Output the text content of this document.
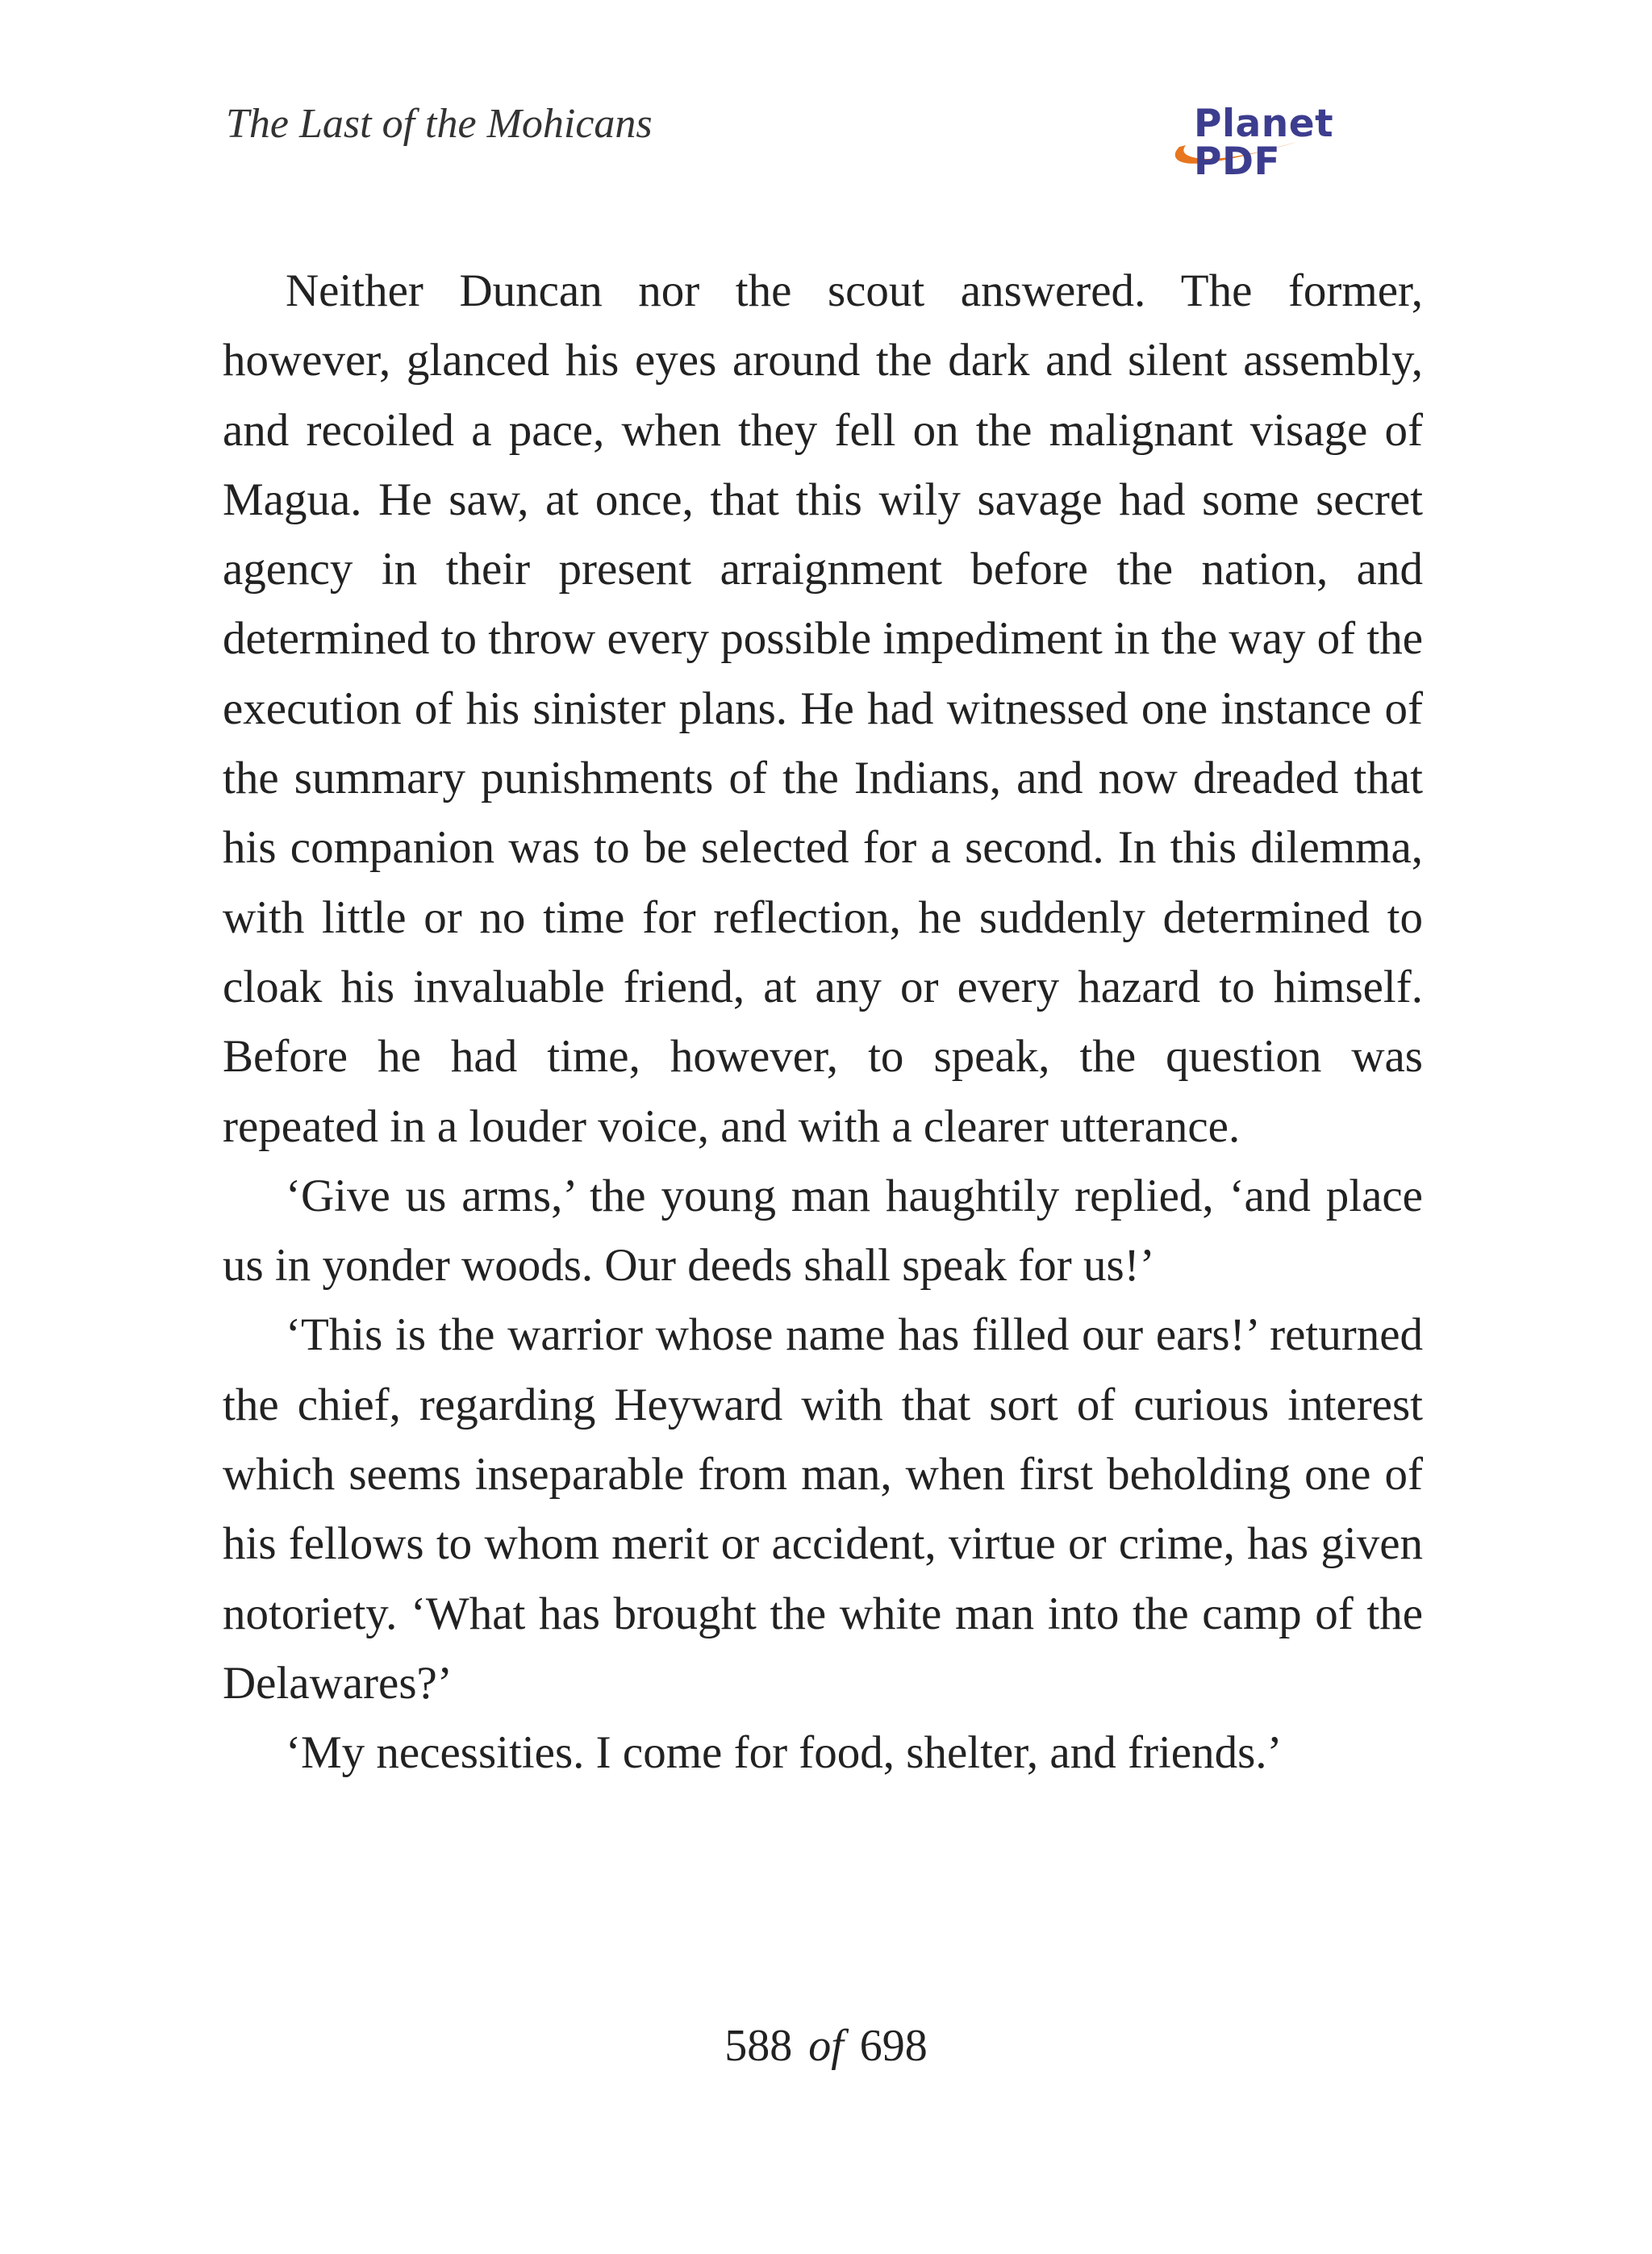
The Last of the Mohicans	Planet PDF

Neither Duncan nor the scout answered. The former, however, glanced his eyes around the dark and silent assembly, and recoiled a pace, when they fell on the malignant visage of Magua. He saw, at once, that this wily savage had some secret agency in their present arraignment before the nation, and determined to throw every possible impediment in the way of the execution of his sinister plans. He had witnessed one instance of the summary punishments of the Indians, and now dreaded that his companion was to be selected for a second. In this dilemma, with little or no time for reflection, he suddenly determined to cloak his invaluable friend, at any or every hazard to himself. Before he had time, however, to speak, the question was repeated in a louder voice, and with a clearer utterance.

‘Give us arms,’ the young man haughtily replied, ‘and place us in yonder woods. Our deeds shall speak for us!’

‘This is the warrior whose name has filled our ears!’ returned the chief, regarding Heyward with that sort of curious interest which seems inseparable from man, when first beholding one of his fellows to whom merit or accident, virtue or crime, has given notoriety. ‘What has brought the white man into the camp of the Delawares?’

‘My necessities. I come for food, shelter, and friends.’

588 of 698
